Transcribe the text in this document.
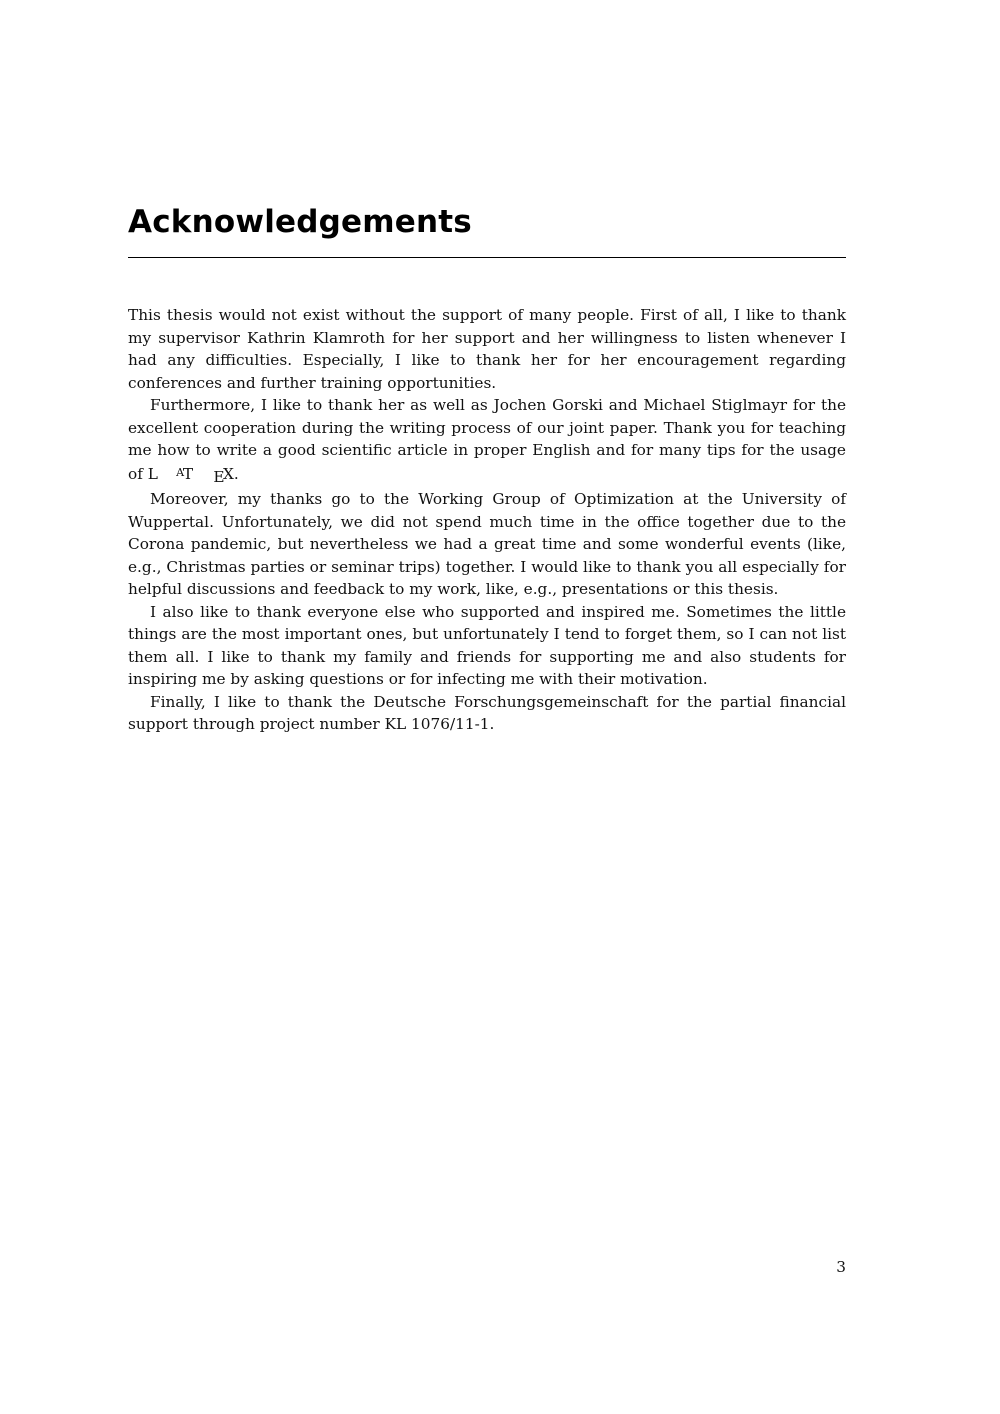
Acknowledgements

This thesis would not exist without the support of many people. First of all, I like to thank my supervisor Kathrin Klamroth for her support and her willingness to listen whenever I had any difficulties. Especially, I like to thank her for her encouragement regarding conferences and further training opportunities.

Furthermore, I like to thank her as well as Jochen Gorski and Michael Stiglmayr for the excellent cooperation during the writing process of our joint paper. Thank you for teaching me how to write a good scientific article in proper English and for many tips for the usage of L AT EX.

Moreover, my thanks go to the Working Group of Optimization at the University of Wuppertal. Unfortunately, we did not spend much time in the office together due to the Corona pandemic, but nevertheless we had a great time and some wonderful events (like, e.g., Christmas parties or seminar trips) together. I would like to thank you all especially for helpful discussions and feedback to my work, like, e.g., presentations or this thesis.

I also like to thank everyone else who supported and inspired me. Sometimes the little things are the most important ones, but unfortunately I tend to forget them, so I can not list them all. I like to thank my family and friends for supporting me and also students for inspiring me by asking questions or for infecting me with their motivation.

Finally, I like to thank the Deutsche Forschungsgemeinschaft for the partial financial support through project number KL 1076/11-1.

3
